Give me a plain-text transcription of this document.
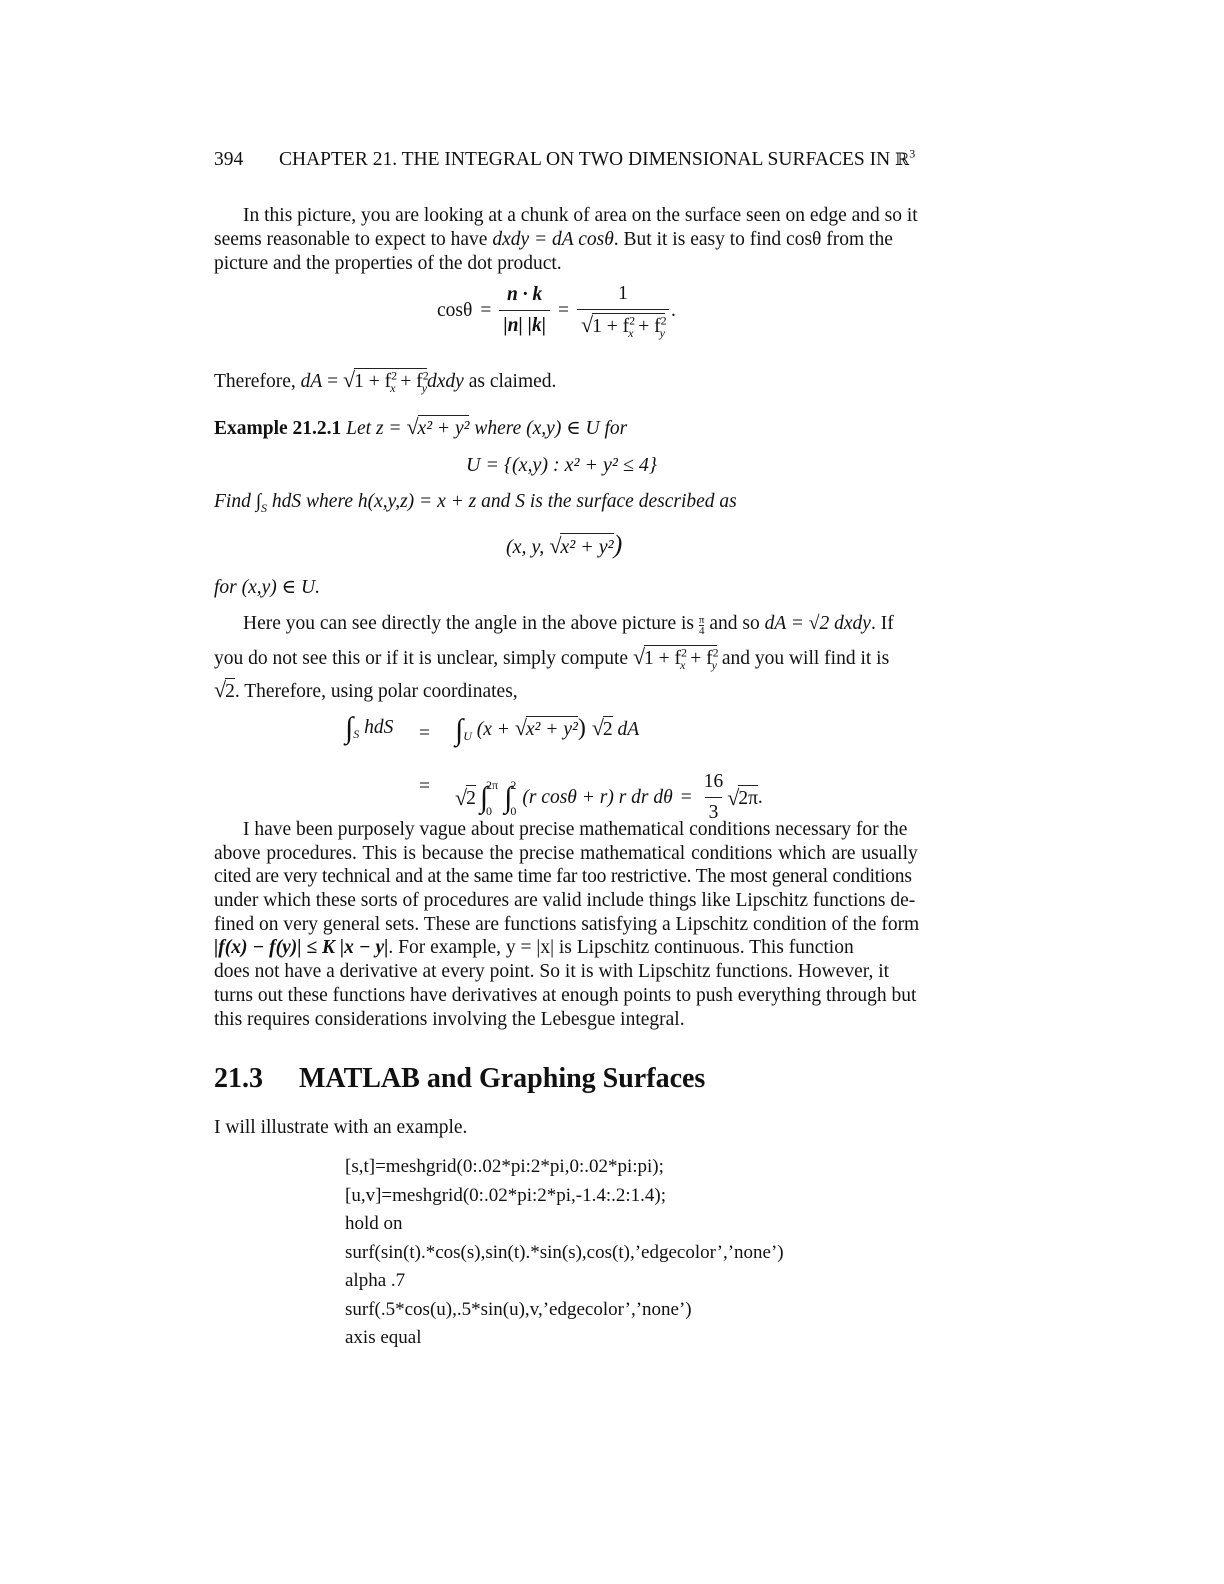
394 CHAPTER 21. THE INTEGRAL ON TWO DIMENSIONAL SURFACES IN ℝ$^3$
In this picture, you are looking at a chunk of area on the surface seen on edge and so it
seems reasonable to expect to have dxdy = dA cosθ. But it is easy to find cosθ from the
picture and the properties of the dot product.
$\cos\theta = \frac{n \cdot k}{|n| |k|} = \frac{1}{√1 + f^2_x + f^2_y}$ .
Therefore, dA = $√1 + f^2_x$ + $f^2_ydxdy$ as claimed.
Example 21.2.1 Let z = √x² + y² where (x,y) ∈ U for
U = {(x,y) : x² + y² ≤ 4}
Find $\int_S$ hdS where h(x,y,z) = x + z and S is the surface described as
(x, y, √x² + y²)
for (x,y) ∈ U.
Here you can see directly the angle in the above picture is $\frac{\pi}{4}$ and so dA = √2 dxdy. If
you do not see this or if it is unclear, simply compute $√1 + f^2_x + f^2_y$ and you will find it is
√2. Therefore, using polar coordinates,
$\int_S$ hdS = $\int_U$ (x + √x² + y²) √2 dA
= √ 2 ∫
2π
0 ∫
2
0
(r cosθ + r) r dr $d\theta = \frac{16}{3}$ √ 2π .
I have been purposely vague about precise mathematical conditions necessary for the
above procedures. This is because the precise mathematical conditions which are usually
cited are very technical and at the same time far too restrictive. The most general conditions
under which these sorts of procedures are valid include things like Lipschitz functions de-
fined on very general sets. These are functions satisfying a Lipschitz condition of the form
|f(x) − f(y)| ≤ K |x − y|. For example, y = |x| is Lipschitz continuous. This function
does not have a derivative at every point. So it is with Lipschitz functions. However, it
turns out these functions have derivatives at enough points to push everything through but
this requires considerations involving the Lebesgue integral.
21.3 MATLAB and Graphing Surfaces
I will illustrate with an example.
[s,t]=meshgrid(0:.02*pi:2*pi,0:.02*pi:pi);
[u,v]=meshgrid(0:.02*pi:2*pi,-1.4:.2:1.4);
hold on
surf(sin(t).*cos(s),sin(t).*sin(s),cos(t),’edgecolor’,’none’)
alpha .7
surf(.5*cos(u),.5*sin(u),v,’edgecolor’,’none’)
axis equal
